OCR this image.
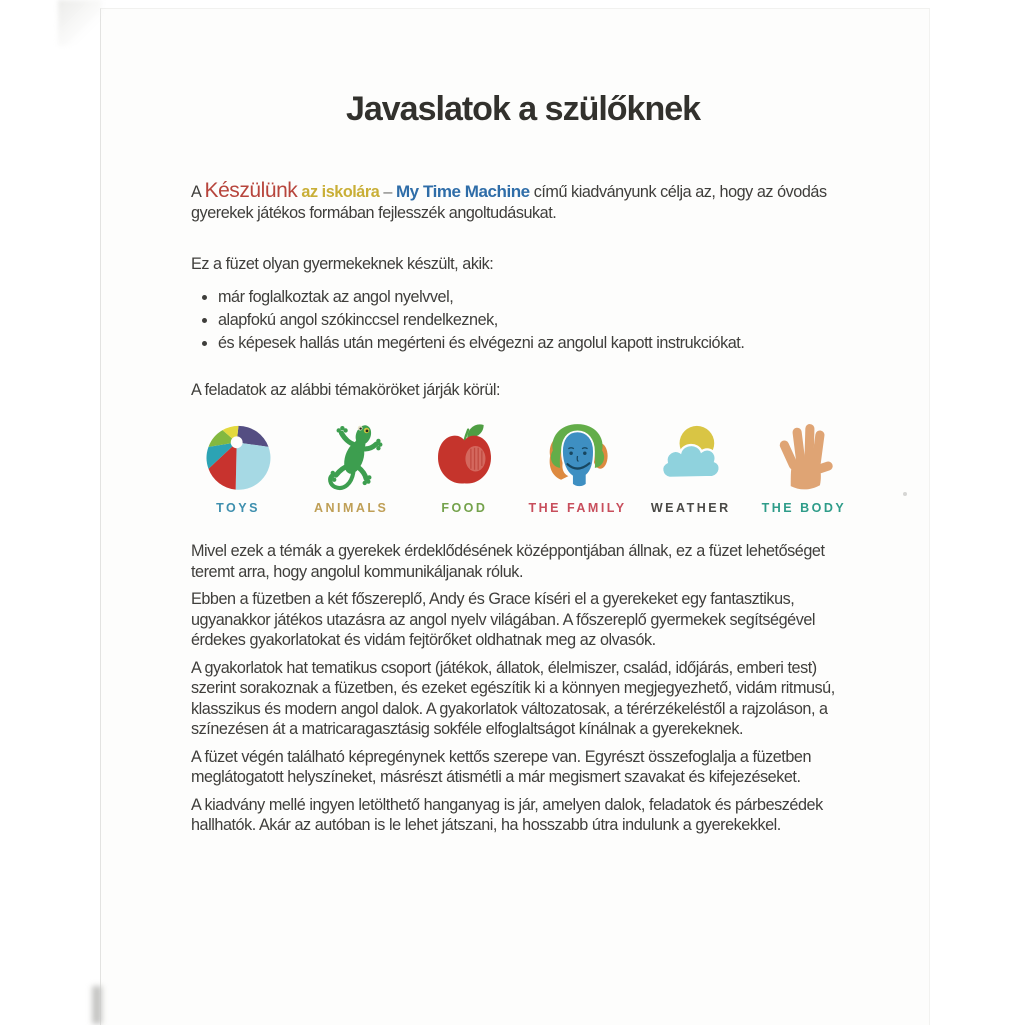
Javaslatok a szülőknek

A Készülünk az iskolára – My Time Machine című kiadványunk célja az, hogy az óvodás gyerekek játékos formában fejlesszék angoltudásukat.

Ez a füzet olyan gyermekeknek készült, akik:

• már foglalkoztak az angol nyelvvel,
• alapfokú angol szókinccsel rendelkeznek,
• és képesek hallás után megérteni és elvégezni az angolul kapott instrukciókat.

A feladatok az alábbi témaköröket járják körül:

TOYS	ANIMALS	FOOD	THE FAMILY WEATHER THE BODY

Mivel ezek a témák a gyerekek érdeklődésének középpontjában állnak, ez a füzet lehetőséget teremt arra, hogy angolul kommunikáljanak róluk.

Ebben a füzetben a két főszereplő, Andy és Grace kíséri el a gyerekeket egy fantasztikus, ugyanakkor játékos utazásra az angol nyelv világában. A főszereplő gyermekek segítségével érdekes gyakorlatokat és vidám fejtörőket oldhatnak meg az olvasók.

A gyakorlatok hat tematikus csoport (játékok, állatok, élelmiszer, család, időjárás, emberi test) szerint sorakoznak a füzetben, és ezeket egészítik ki a könnyen megjegyezhető, vidám ritmusú, klasszikus és modern angol dalok. A gyakorlatok változatosak, a térérzékeléstől a rajzoláson, a színezésen át a matricaragasztásig sokféle elfoglaltságot kínálnak a gyerekeknek.

A füzet végén található képregénynek kettős szerepe van. Egyrészt összefoglalja a füzetben meglátogatott helyszíneket, másrészt átismétli a már megismert szavakat és kifejezéseket.

A kiadvány mellé ingyen letölthető hanganyag is jár, amelyen dalok, feladatok és párbeszédek hallhatók. Akár az autóban is le lehet játszani, ha hosszabb útra indulunk a gyerekekkel.
